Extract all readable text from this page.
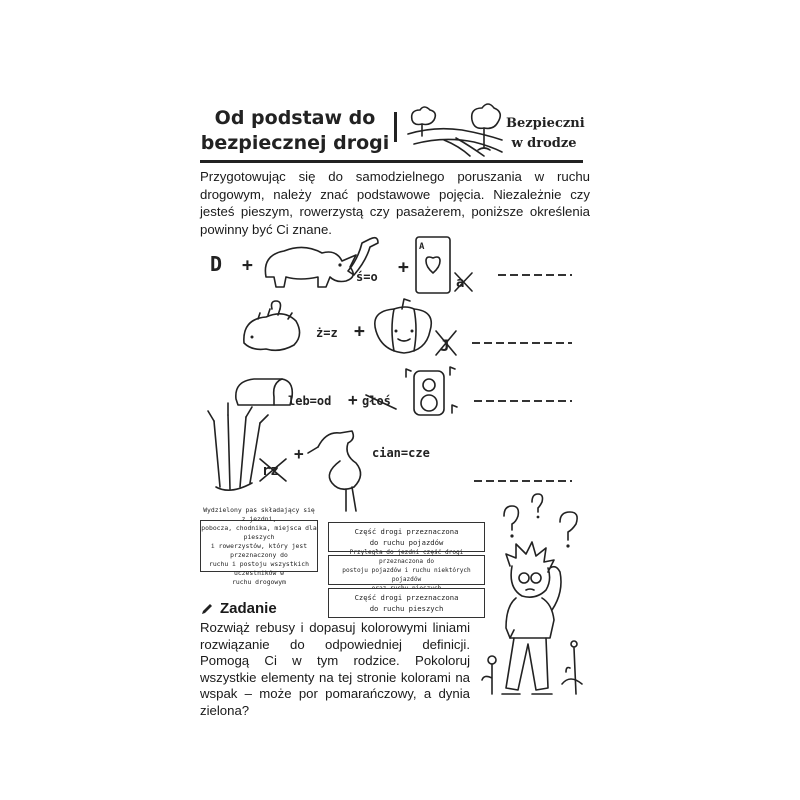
Od podstaw do
bezpiecznej drogi
Bezpieczni
w drodze
Przygotowując się do samodzielnego poruszania w ruchu drogowym, należy znać podstawowe pojęcia. Niezależnie czy jesteś pieszym, rowerzystą czy pasażerem, poniższe określenia powinny być Ci znane.
D +
ś=o +
A
a
ż=z +
J
leb=od + głoś
rz
+	cian=cze
Wydzielony pas składający się z jezdni,
pobocza, chodnika, miejsca dla pieszych
i rowerzystów, który jest przeznaczony do
ruchu i postoju wszystkich uczestników w
ruchu drogowym
Część drogi przeznaczona
do ruchu pojazdów
Przyległa do jezdni część drogi przeznaczona do
postoju pojazdów i ruchu niektórych pojazdów
Część drogi przeznaczona
do ruchu pieszych
Zadanie
Rozwiąż rebusy i dopasuj kolorowymi liniami rozwiązanie do odpowiedniej definicji. Pomogą Ci w tym rodzice. Pokoloruj wszystkie elementy na tej stronie kolorami na wspak – może por pomarańczowy, a dynia zielona?
